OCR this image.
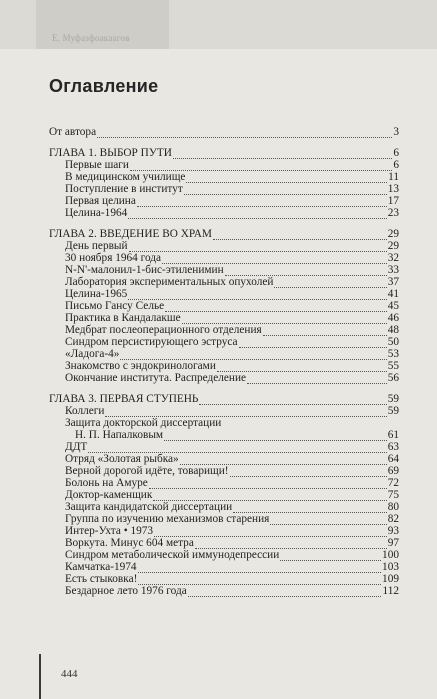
Е. Муфазфоакаагов
Оглавление
От автора	3
ГЛАВА 1. ВЫБОР ПУТИ	6
Первые шаги	6
В медицинском училище	11
Поступление в институт	13
Первая целина	17
Целина-1964	23
ГЛАВА 2. ВВЕДЕНИЕ ВО ХРАМ	29
День первый	29
30 ноября 1964 года	32
N-N'-малонил-1-бис-этиленимин	33
Лаборатория экспериментальных опухолей	37
Целина-1965	41
Письмо Гансу Селье	45
Практика в Кандалакше	46
Медбрат послеоперационного отделения	48
Синдром персистирующего эструса	50
«Ладога-4»	53
Знакомство с эндокринологами	55
Окончание института. Распределение	56
ГЛАВА 3. ПЕРВАЯ СТУПЕНЬ	59
Коллеги	59
Защита докторской диссертации
Н. П. Напалковым	61
ДДТ	63
Отряд «Золотая рыбка»	64
Верной дорогой идёте, товарищи!	69
Болонь на Амуре	72
Доктор-каменщик	75
Защита кандидатской диссертации	80
Группа по изучению механизмов старения	82
Интер-Ухта • 1973	93
Воркута. Минус 604 метра	97
Синдром метаболической иммунодепрессии	100
Камчатка-1974	103
Есть стыковка!	109
Бездарное лето 1976 года	112
444
